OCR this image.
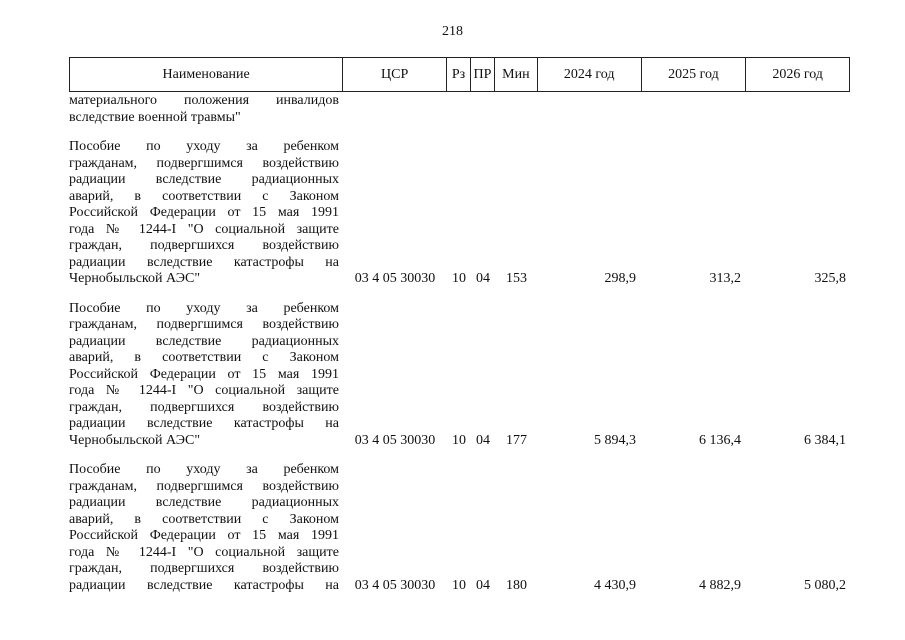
218
Наименование	ЦСР	Рз ПР Мин	2024 год	2025 год	2026 год
материального положения инвалидов
вследствие военной травмы"
Пособие по уходу за ребенком
гражданам, подвергшимся воздействию
радиации вследствие радиационных
аварий, в соответствии с Законом
Российской Федерации от 15 мая 1991
года № 1244-I "О социальной защите
граждан, подвергшихся воздействию
радиации вследствие катастрофы на
Чернобыльской АЭС"	03 4 05 30030	10 04	153	298,9	313,2	325,8
Пособие по уходу за ребенком
гражданам, подвергшимся воздействию
радиации вследствие радиационных
аварий, в соответствии с Законом
Российской Федерации от 15 мая 1991
года № 1244-I "О социальной защите
граждан, подвергшихся воздействию
радиации вследствие катастрофы на
Чернобыльской АЭС"	03 4 05 30030	10 04	177	5 894,3	6 136,4	6 384,1
Пособие по уходу за ребенком
гражданам, подвергшимся воздействию
радиации вследствие радиационных
аварий, в соответствии с Законом
Российской Федерации от 15 мая 1991
года № 1244-I "О социальной защите
граждан, подвергшихся воздействию
радиации вследствие катастрофы на	03 4 05 30030	10 04	180	4 430,9	4 882,9	5 080,2
